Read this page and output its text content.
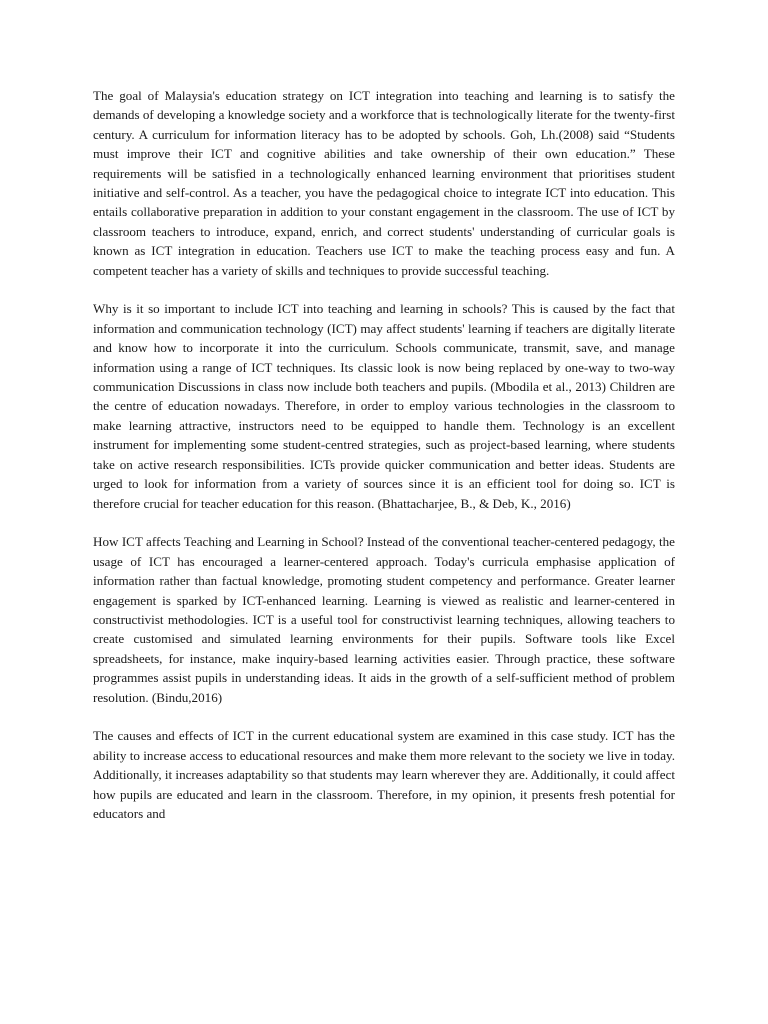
The goal of Malaysia's education strategy on ICT integration into teaching and learning is to satisfy the demands of developing a knowledge society and a workforce that is technologically literate for the twenty-first century. A curriculum for information literacy has to be adopted by schools. Goh, Lh.(2008) said “Students must improve their ICT and cognitive abilities and take ownership of their own education.” These requirements will be satisfied in a technologically enhanced learning environment that prioritises student initiative and self-control. As a teacher, you have the pedagogical choice to integrate ICT into education. This entails collaborative preparation in addition to your constant engagement in the classroom. The use of ICT by classroom teachers to introduce, expand, enrich, and correct students' understanding of curricular goals is known as ICT integration in education. Teachers use ICT to make the teaching process easy and fun. A competent teacher has a variety of skills and techniques to provide successful teaching.

Why is it so important to include ICT into teaching and learning in schools? This is caused by the fact that information and communication technology (ICT) may affect students' learning if teachers are digitally literate and know how to incorporate it into the curriculum. Schools communicate, transmit, save, and manage information using a range of ICT techniques. Its classic look is now being replaced by one-way to two-way communication Discussions in class now include both teachers and pupils. (Mbodila et al., 2013) Children are the centre of education nowadays. Therefore, in order to employ various technologies in the classroom to make learning attractive, instructors need to be equipped to handle them. Technology is an excellent instrument for implementing some student-centred strategies, such as project-based learning, where students take on active research responsibilities. ICTs provide quicker communication and better ideas. Students are urged to look for information from a variety of sources since it is an efficient tool for doing so. ICT is therefore crucial for teacher education for this reason. (Bhattacharjee, B., & Deb, K., 2016)

How ICT affects Teaching and Learning in School? Instead of the conventional teacher-centered pedagogy, the usage of ICT has encouraged a learner-centered approach. Today's curricula emphasise application of information rather than factual knowledge, promoting student competency and performance. Greater learner engagement is sparked by ICT-enhanced learning. Learning is viewed as realistic and learner-centered in constructivist methodologies. ICT is a useful tool for constructivist learning techniques, allowing teachers to create customised and simulated learning environments for their pupils. Software tools like Excel spreadsheets, for instance, make inquiry-based learning activities easier. Through practice, these software programmes assist pupils in understanding ideas. It aids in the growth of a self-sufficient method of problem resolution. (Bindu,2016)

The causes and effects of ICT in the current educational system are examined in this case study. ICT has the ability to increase access to educational resources and make them more relevant to the society we live in today. Additionally, it increases adaptability so that students may learn wherever they are. Additionally, it could affect how pupils are educated and learn in the classroom. Therefore, in my opinion, it presents fresh potential for educators and
